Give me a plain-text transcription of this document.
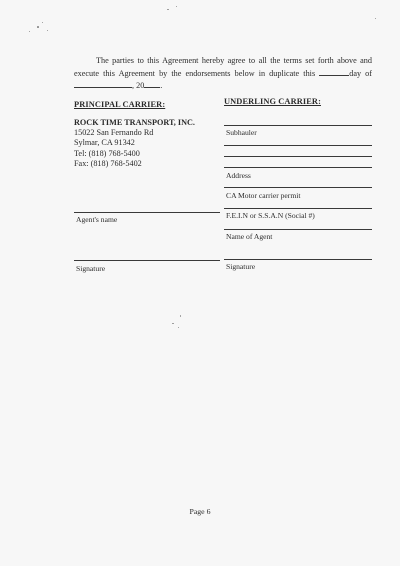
The parties to this Agreement hereby agree to all the terms set forth above and execute this Agreement by the endorsements below in duplicate this	day of , 20 .
PRINCIPAL CARRIER:	UNDERLING CARRIER:
ROCK TIME TRANSPORT, INC.
15022 San Fernando Rd
Sylmar, CA 91342
Tel: (818) 768-5400
Fax: (818) 768-5402
Subhauler
Address
CA Motor carrier permit
F.E.I.N or S.S.A.N (Social #)
Name of Agent
Signature
Agent's name
Signature
Page 6
